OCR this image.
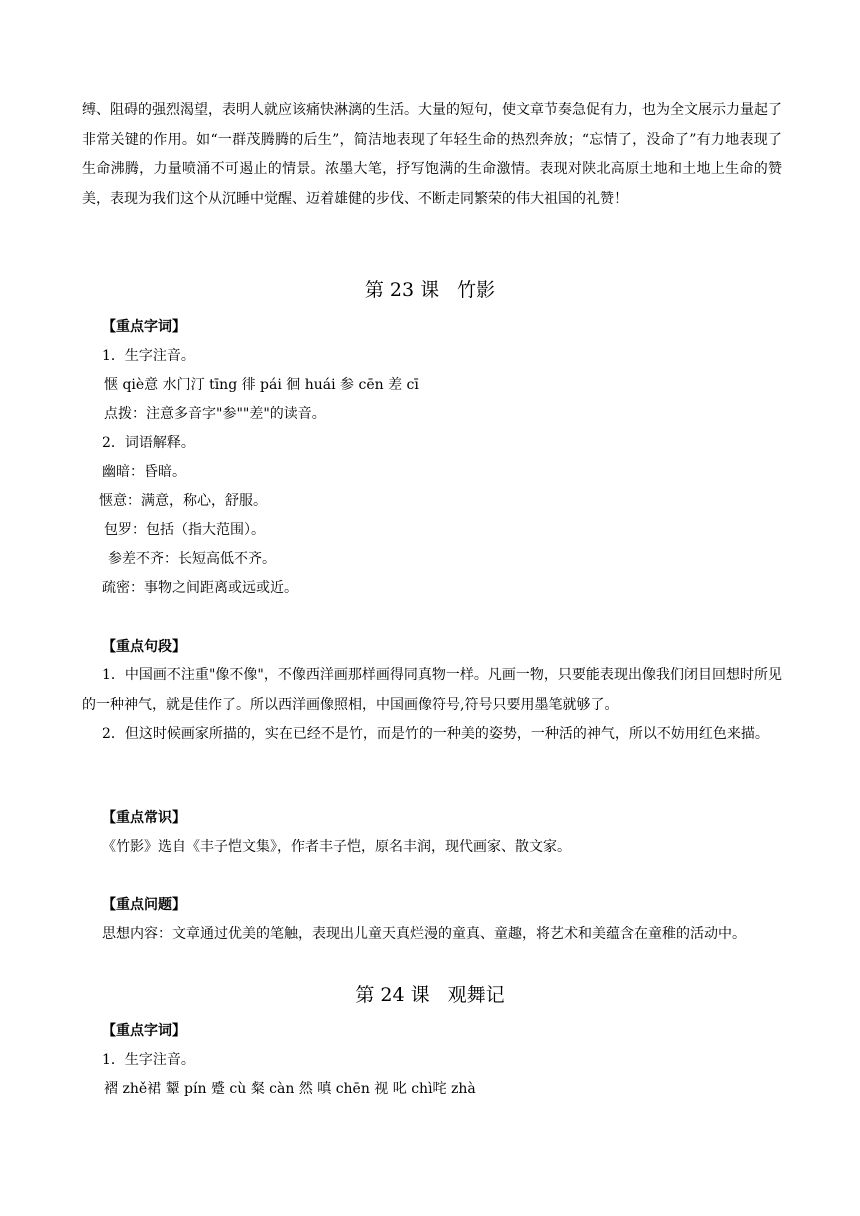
缚、阻碍的强烈渴望，表明人就应该痛快淋漓的生活。大量的短句，使文章节奏急促有力，也为全文展示力量起了非常关键的作用。如“一群茂腾腾的后生”，简洁地表现了年轻生命的热烈奔放；“忘情了，没命了”有力地表现了生命沸腾，力量喷涌不可遏止的情景。浓墨大笔，抒写饱满的生命激情。表现对陕北高原土地和土地上生命的赞美，表现为我们这个从沉睡中觉醒、迈着雄健的步伐、不断走同繁荣的伟大祖国的礼赞！
第 23 课   竹影
【重点字词】
1．生字注音。
惬 qiè意 水门汀 tīng 徘 pái 徊 huái 参 cēn 差 cī
点拨：注意多音字"参""差"的读音。
2．词语解释。
幽暗：昏暗。
惬意：满意，称心，舒服。
包罗：包括（指大范围）。
参差不齐：长短高低不齐。
疏密：事物之间距离或远或近。
【重点句段】
1．中国画不注重"像不像"，不像西洋画那样画得同真物一样。凡画一物，只要能表现出像我们闭目回想时所见的一种神气，就是佳作了。所以西洋画像照相，中国画像符号,符号只要用墨笔就够了。
2．但这时候画家所描的，实在已经不是竹，而是竹的一种美的姿势，一种活的神气，所以不妨用红色来描。
【重点常识】
《竹影》选自《丰子恺文集》，作者丰子恺，原名丰润，现代画家、散文家。
【重点问题】
思想内容：文章通过优美的笔触，表现出儿童天真烂漫的童真、童趣，将艺术和美蕴含在童稚的活动中。
第 24 课   观舞记
【重点字词】
1．生字注音。
褶 zhě裙 颦 pín 蹙 cù 粲 càn 然 嗔 chēn 视 叱 chì咤 zhà
